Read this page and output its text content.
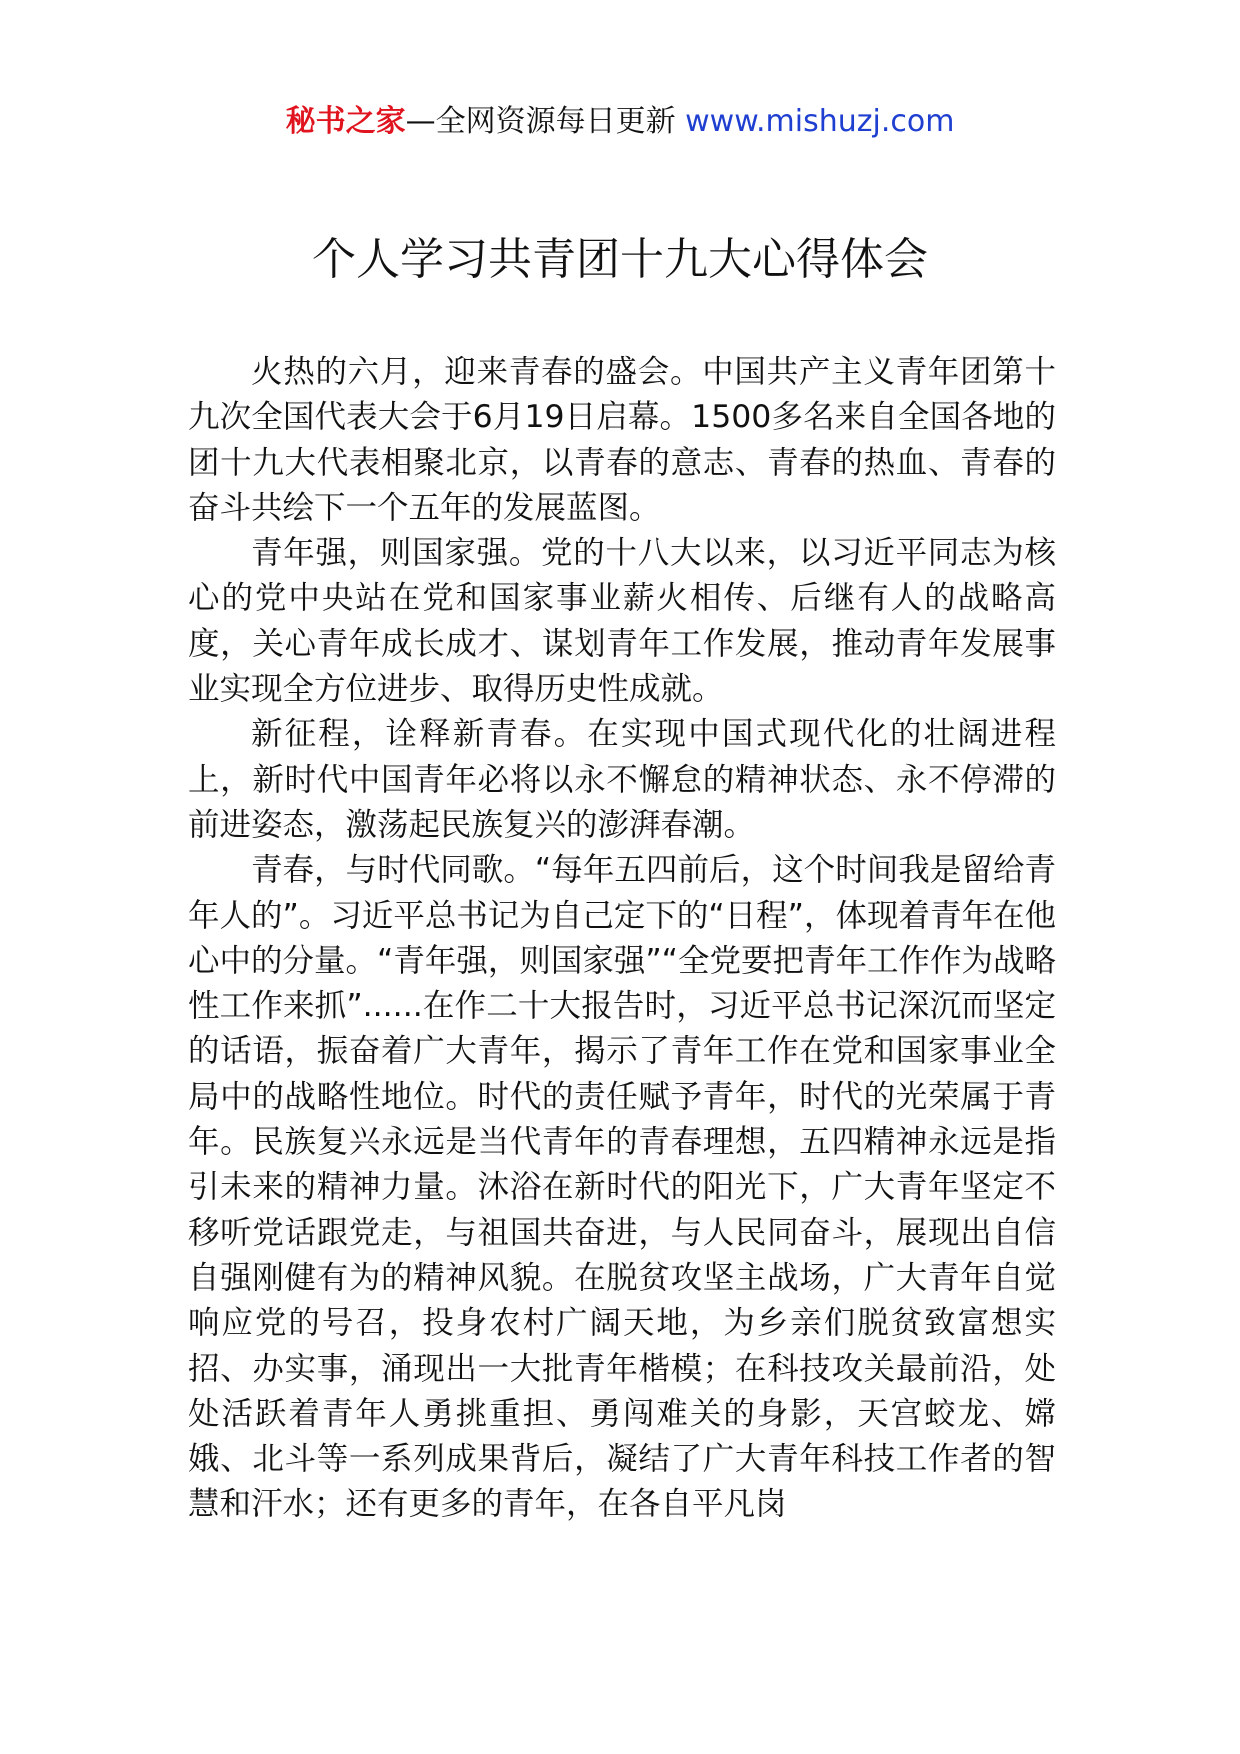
秘书之家—全网资源每日更新 www.mishuzj.com
个人学习共青团十九大心得体会

火热的六月，迎来青春的盛会。中国共产主义青年团第十九次全国代表大会于6月19日启幕。1500多名来自全国各地的团十九大代表相聚北京，以青春的意志、青春的热血、青春的奋斗共绘下一个五年的发展蓝图。

青年强，则国家强。党的十八大以来，以习近平同志为核心的党中央站在党和国家事业薪火相传、后继有人的战略高度，关心青年成长成才、谋划青年工作发展，推动青年发展事业实现全方位进步、取得历史性成就。

新征程，诠释新青春。在实现中国式现代化的壮阔进程上，新时代中国青年必将以永不懈怠的精神状态、永不停滞的前进姿态，激荡起民族复兴的澎湃春潮。

青春，与时代同歌。“每年五四前后，这个时间我是留给青年人的”。习近平总书记为自己定下的“日程”，体现着青年在他心中的分量。“青年强，则国家强”“全党要把青年工作作为战略性工作来抓”......在作二十大报告时，习近平总书记深沉而坚定的话语，振奋着广大青年，揭示了青年工作在党和国家事业全局中的战略性地位。时代的责任赋予青年，时代的光荣属于青年。民族复兴永远是当代青年的青春理想，五四精神永远是指引未来的精神力量。沐浴在新时代的阳光下，广大青年坚定不移听党话跟党走，与祖国共奋进，与人民同奋斗，展现出自信自强刚健有为的精神风貌。在脱贫攻坚主战场，广大青年自觉响应党的号召，投身农村广阔天地，为乡亲们脱贫致富想实招、办实事，涌现出一大批青年楷模；在科技攻关最前沿，处处活跃着青年人勇挑重担、勇闯难关的身影，天宫蛟龙、嫦娥、北斗等一系列成果背后，凝结了广大青年科技工作者的智慧和汗水；还有更多的青年，在各自平凡岗
